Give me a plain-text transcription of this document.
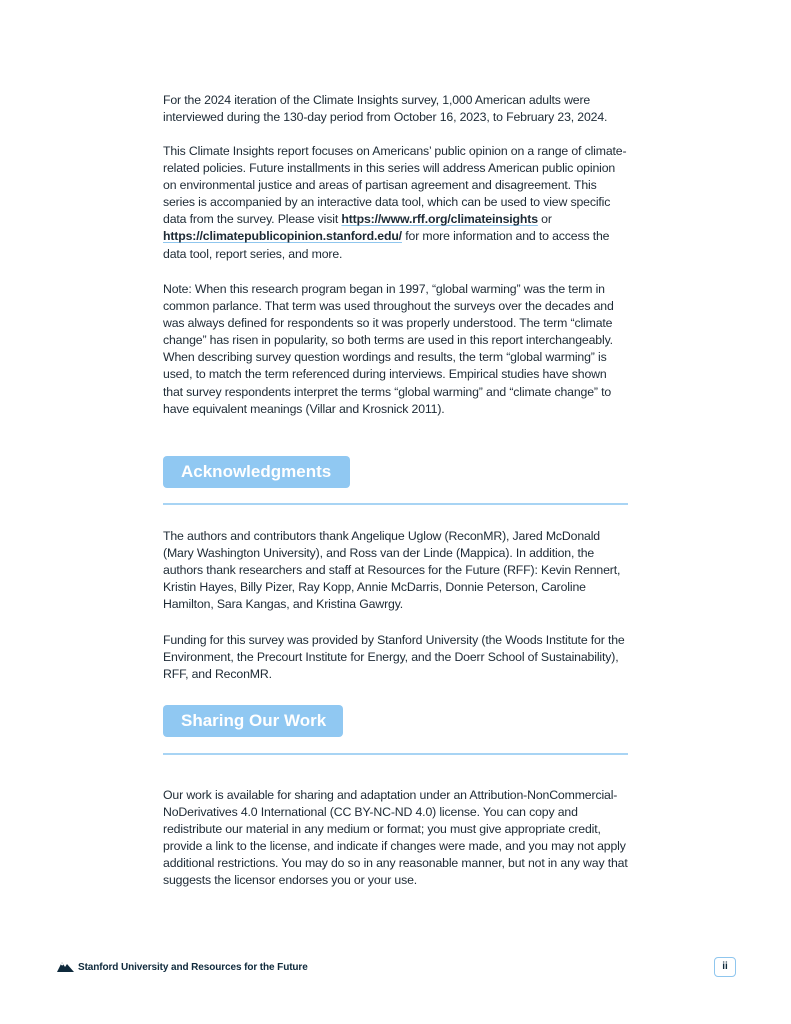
For the 2024 iteration of the Climate Insights survey, 1,000 American adults were interviewed during the 130-day period from October 16, 2023, to February 23, 2024.

This Climate Insights report focuses on Americans’ public opinion on a range of climate-related policies. Future installments in this series will address American public opinion on environmental justice and areas of partisan agreement and disagreement. This series is accompanied by an interactive data tool, which can be used to view specific data from the survey. Please visit https://www.rff.org/climateinsights or https://climatepublicopinion.stanford.edu/ for more information and to access the data tool, report series, and more.

Note: When this research program began in 1997, “global warming” was the term in common parlance. That term was used throughout the surveys over the decades and was always defined for respondents so it was properly understood. The term “climate change” has risen in popularity, so both terms are used in this report interchangeably. When describing survey question wordings and results, the term “global warming” is used, to match the term referenced during interviews. Empirical studies have shown that survey respondents interpret the terms “global warming” and “climate change” to have equivalent meanings (Villar and Krosnick 2011).

Acknowledgments

The authors and contributors thank Angelique Uglow (ReconMR), Jared McDonald (Mary Washington University), and Ross van der Linde (Mappica). In addition, the authors thank researchers and staff at Resources for the Future (RFF): Kevin Rennert, Kristin Hayes, Billy Pizer, Ray Kopp, Annie McDarris, Donnie Peterson, Caroline Hamilton, Sara Kangas, and Kristina Gawrgy.

Funding for this survey was provided by Stanford University (the Woods Institute for the Environment, the Precourt Institute for Energy, and the Doerr School of Sustainability), RFF, and ReconMR.

Sharing Our Work

Our work is available for sharing and adaptation under an Attribution-NonCommercial-NoDerivatives 4.0 International (CC BY-NC-ND 4.0) license. You can copy and redistribute our material in any medium or format; you must give appropriate credit, provide a link to the license, and indicate if changes were made, and you may not apply additional restrictions. You may do so in any reasonable manner, but not in any way that suggests the licensor endorses you or your use.

Stanford University and Resources for the Future	ii
